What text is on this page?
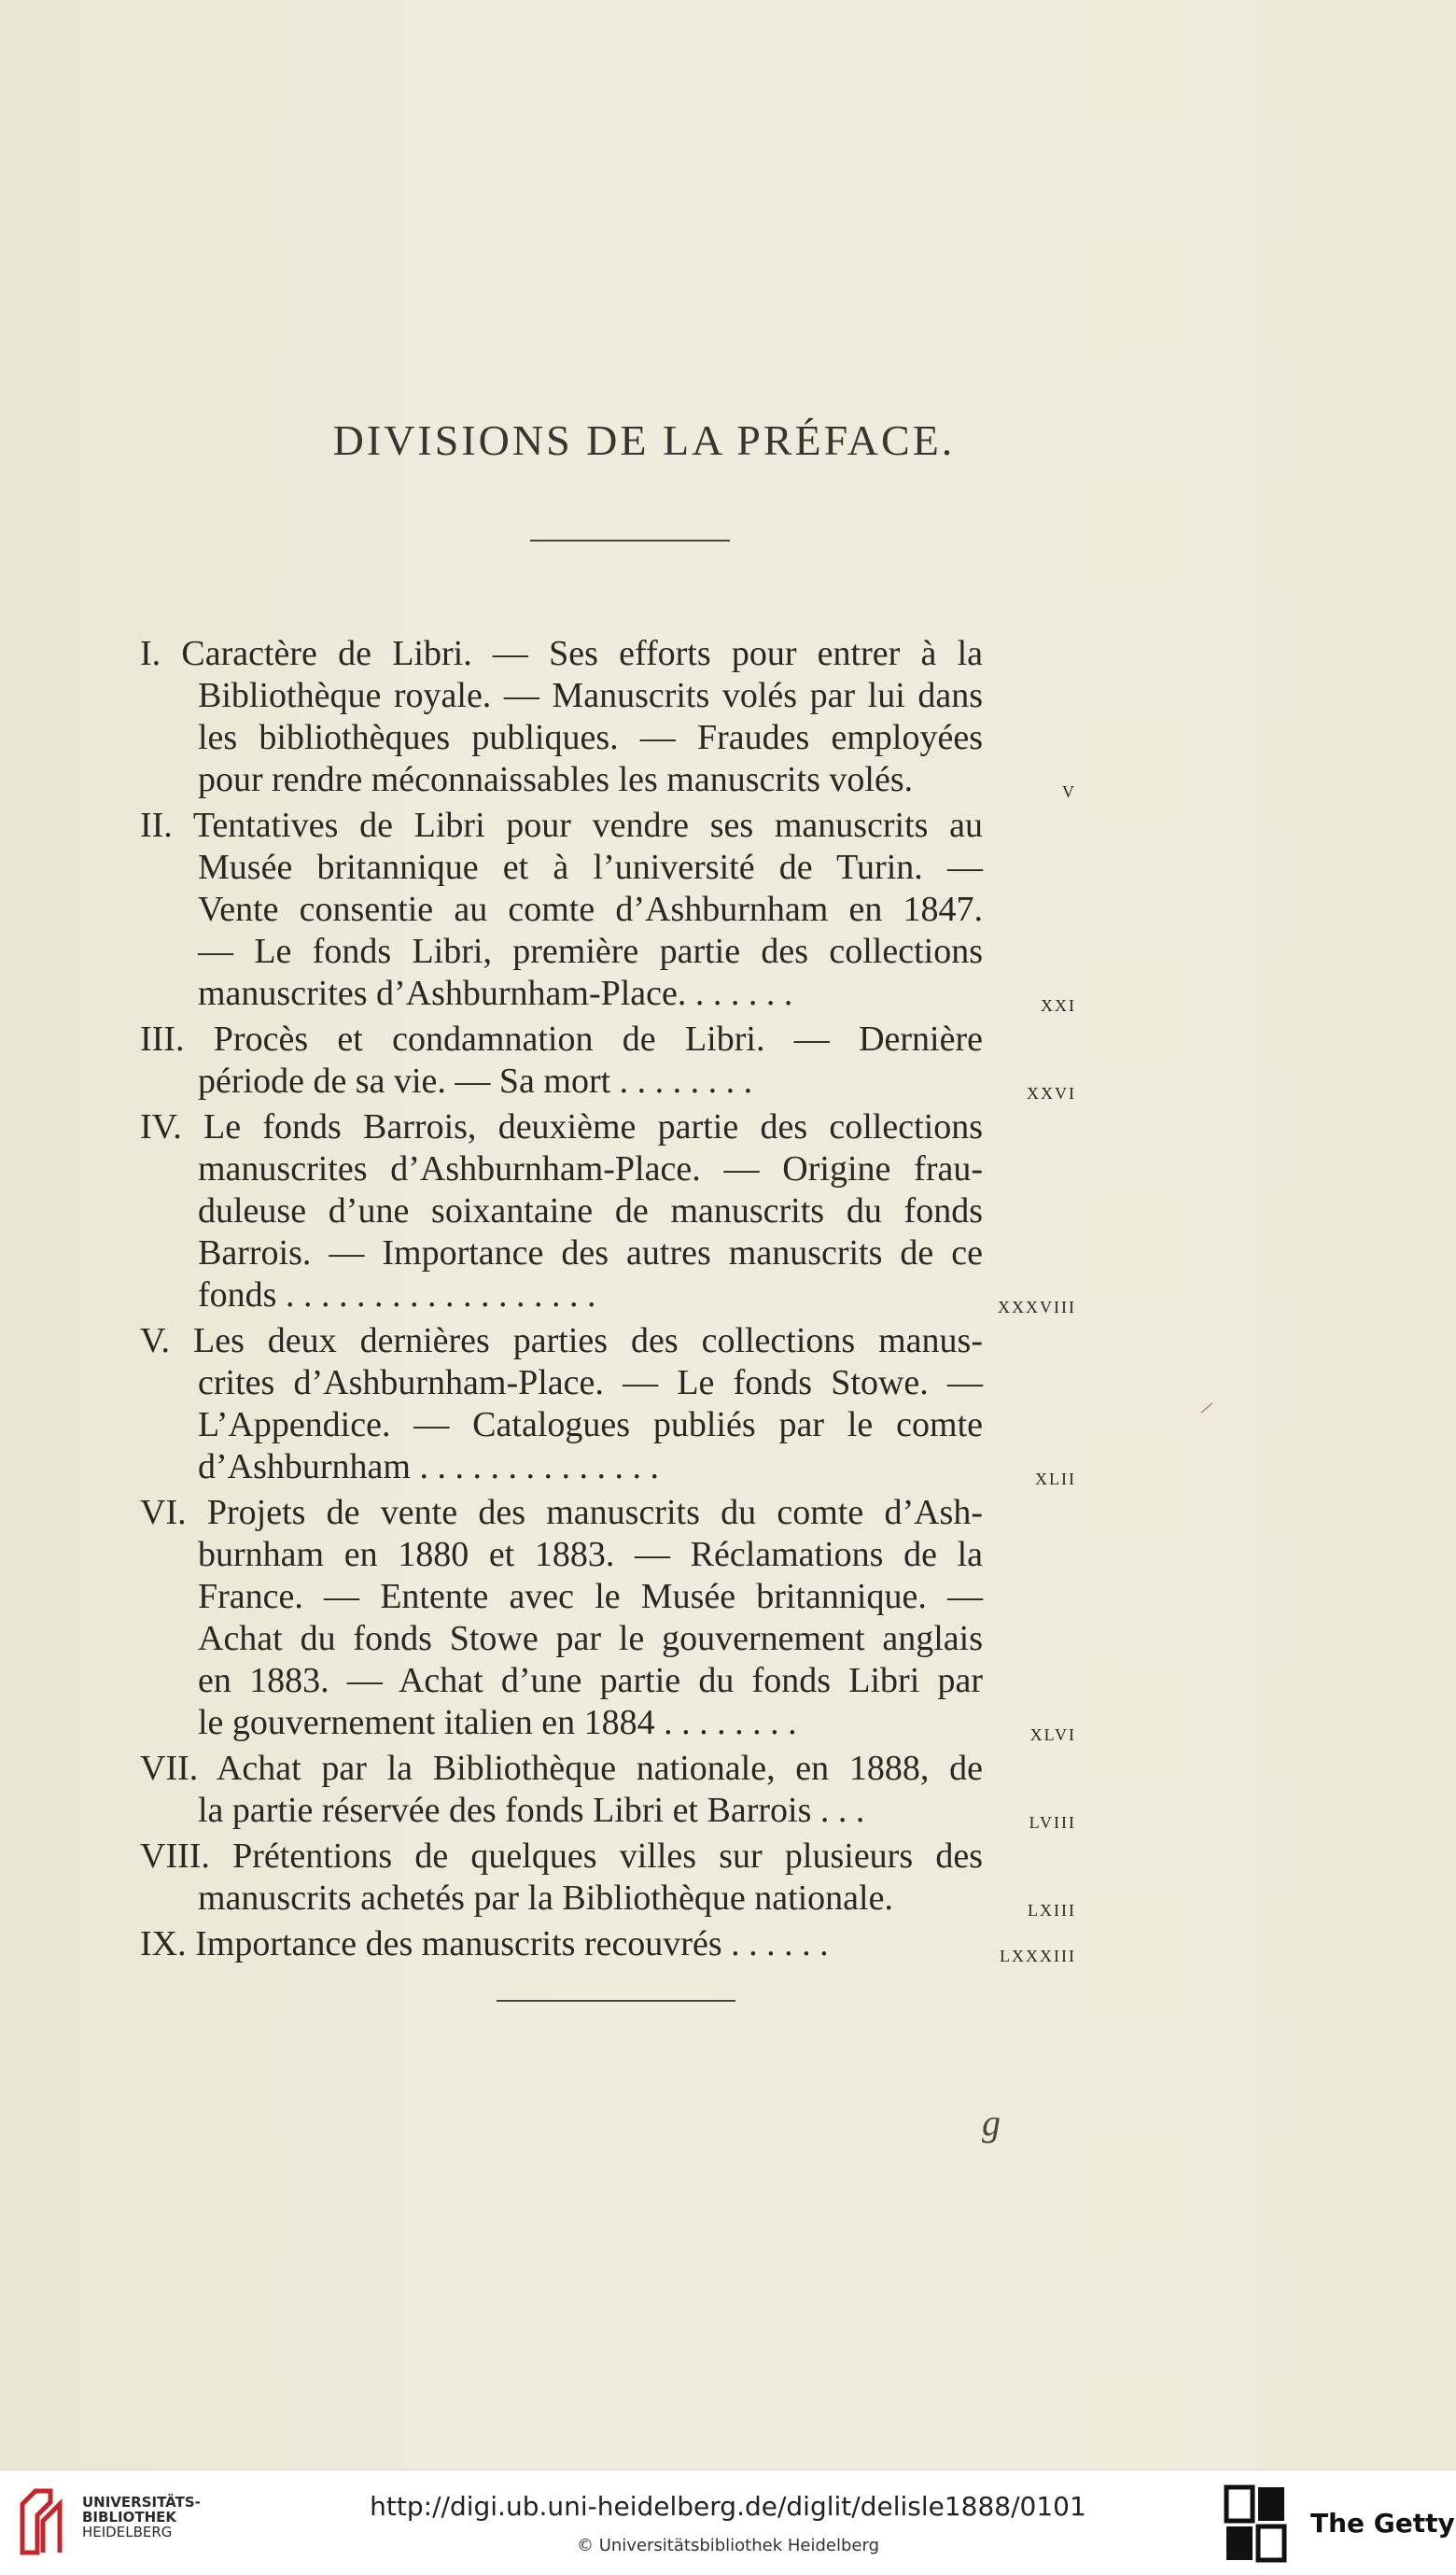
DIVISIONS DE LA PRÉFACE.
I. Caractère de Libri. — Ses efforts pour entrer à la
Bibliothèque royale. — Manuscrits volés par lui dans
les bibliothèques publiques. — Fraudes employées
pour rendre méconnaissables les manuscrits volés.	v
II. Tentatives de Libri pour vendre ses manuscrits au
Musée britannique et à l’université de Turin. —
Vente consentie au comte d’Ashburnham en 1847.
— Le fonds Libri, première partie des collections
manuscrites d’Ashburnham-Place. . . . . . .	xxi
III. Procès et condamnation de Libri. — Dernière
période de sa vie. — Sa mort . . . . . . . .	xxvi
IV. Le fonds Barrois, deuxième partie des collections
manuscrites d’Ashburnham-Place. — Origine frau-
duleuse d’une soixantaine de manuscrits du fonds
Barrois. — Importance des autres manuscrits de ce
fonds . . . . . . . . . . . . . . . . . .	xxxviii
V. Les deux dernières parties des collections manus-
crites d’Ashburnham-Place. — Le fonds Stowe. —
L’Appendice. — Catalogues publiés par le comte
d’Ashburnham . . . . . . . . . . . . . .	xlii
VI. Projets de vente des manuscrits du comte d’Ash-
burnham en 1880 et 1883. — Réclamations de la
France. — Entente avec le Musée britannique. —
Achat du fonds Stowe par le gouvernement anglais
en 1883. — Achat d’une partie du fonds Libri par
le gouvernement italien en 1884 . . . . . . . .	xlvi
VII. Achat par la Bibliothèque nationale, en 1888, de
la partie réservée des fonds Libri et Barrois . . .	lviii
VIII. Prétentions de quelques villes sur plusieurs des
manuscrits achetés par la Bibliothèque nationale.	lxiii
IX. Importance des manuscrits recouvrés . . . . . .	lxxxiii
g
/
UNIVERSITÄTS-
BIBLIOTHEK
HEIDELBERG
http://digi.ub.uni-heidelberg.de/diglit/delisle1888/0101
© Universitätsbibliothek Heidelberg
The Getty
